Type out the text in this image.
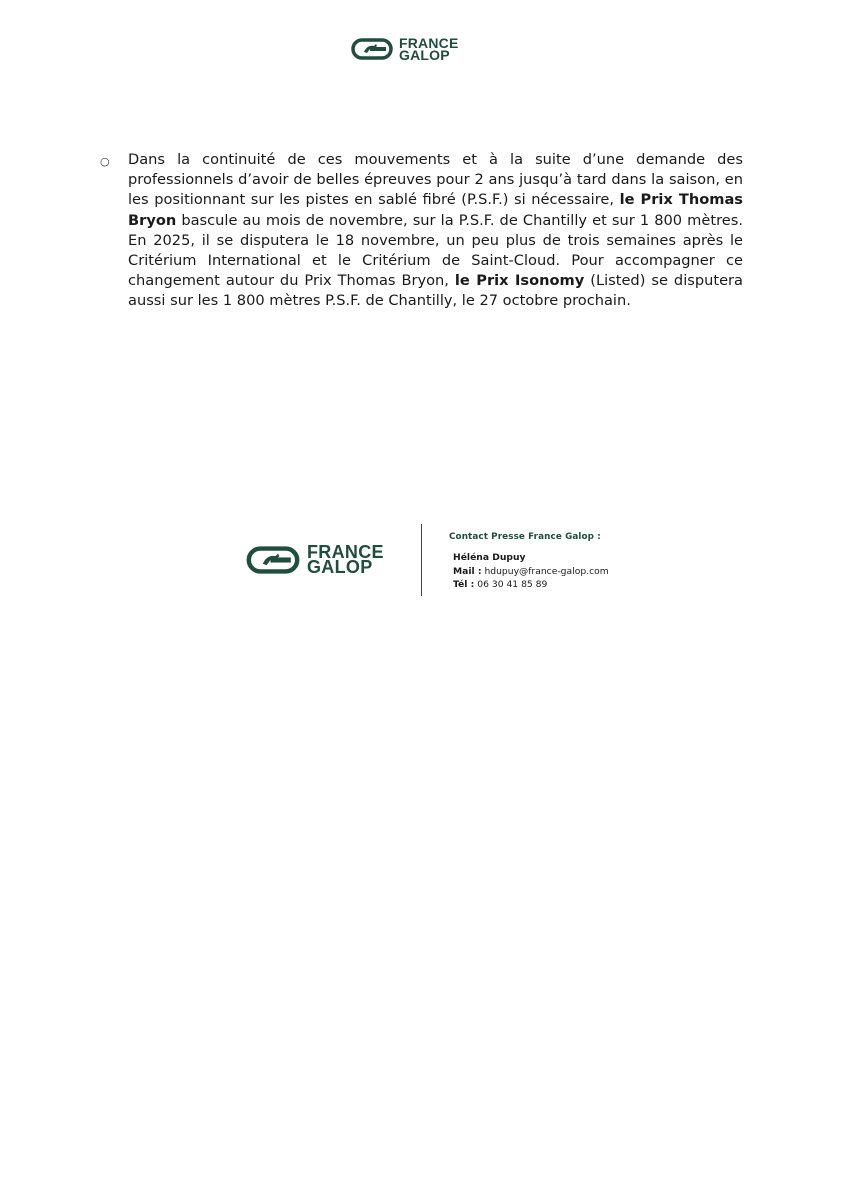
FRANCE
GALOP
○ Dans la continuité de ces mouvements et à la suite d’une demande des professionnels d’avoir de belles épreuves pour 2 ans jusqu’à tard dans la saison, en les positionnant sur les pistes en sablé fibré (P.S.F.) si nécessaire, le Prix Thomas Bryon bascule au mois de novembre, sur la P.S.F. de Chantilly et sur 1 800 mètres. En 2025, il se disputera le 18 novembre, un peu plus de trois semaines après le Critérium International et le Critérium de Saint-Cloud. Pour accompagner ce changement autour du Prix Thomas Bryon, le Prix Isonomy (Listed) se disputera aussi sur les 1 800 mètres P.S.F. de Chantilly, le 27 octobre prochain.

FRANCE
GALOP

Contact Presse France Galop :

Héléna Dupuy

Mail : hdupuy@france-galop.com

Tél : 06 30 41 85 89
